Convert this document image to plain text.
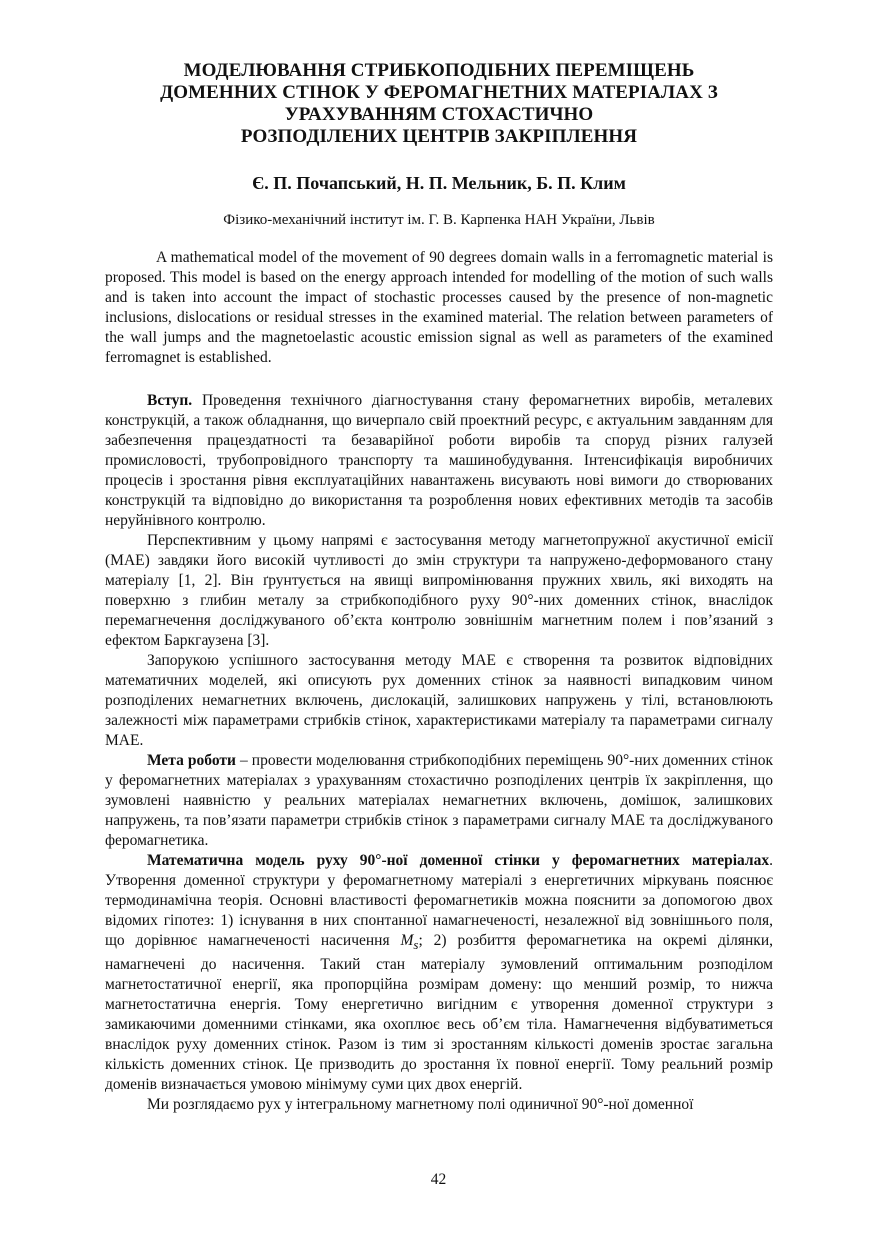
МОДЕЛЮВАННЯ СТРИБКОПОДІБНИХ ПЕРЕМІЩЕНЬ
ДОМЕННИХ СТІНОК У ФЕРОМАГНЕТНИХ МАТЕРІАЛАХ З
УРАХУВАННЯМ СТОХАСТИЧНО
РОЗПОДІЛЕНИХ ЦЕНТРІВ ЗАКРІПЛЕННЯ

Є. П. Почапський, Н. П. Мельник, Б. П. Клим

Фізико-механічний інститут ім. Г. В. Карпенка НАН України, Львів

A mathematical model of the movement of 90 degrees domain walls in a ferromagnetic material is proposed. This model is based on the energy approach intended for modelling of the motion of such walls and is taken into account the impact of stochastic processes caused by the presence of non-magnetic inclusions, dislocations or residual stresses in the examined material. The relation between parameters of the wall jumps and the magnetoelastic acoustic emission signal as well as parameters of the examined ferromagnet is established.

Вступ. Проведення технічного діагностування стану феромагнетних виробів, металевих конструкцій, а також обладнання, що вичерпало свій проектний ресурс, є актуальним завданням для забезпечення працездатності та безаварійної роботи виробів та споруд різних галузей промисловості, трубопровідного транспорту та машинобудування. Інтенсифікація виробничих процесів і зростання рівня експлуатаційних навантажень висувають нові вимоги до створюваних конструкцій та відповідно до використання та розроблення нових ефективних методів та засобів неруйнівного контролю.

Перспективним у цьому напрямі є застосування методу магнетопружної акустичної емісії (МАЕ) завдяки його високій чутливості до змін структури та напружено-деформованого стану матеріалу [1, 2]. Він ґрунтується на явищі випромінювання пружних хвиль, які виходять на поверхню з глибин металу за стрибкоподібного руху 90°-них доменних стінок, внаслідок перемагнечення досліджуваного об’єкта контролю зовнішнім магнетним полем і пов’язаний з ефектом Баркгаузена [3].

Запорукою успішного застосування методу МАЕ є створення та розвиток відповідних математичних моделей, які описують рух доменних стінок за наявності випадковим чином розподілених немагнетних включень, дислокацій, залишкових напружень у тілі, встановлюють залежності між параметрами стрибків стінок, характеристиками матеріалу та параметрами сигналу МАЕ.

Мета роботи – провести моделювання стрибкоподібних переміщень 90°-них доменних стінок у феромагнетних матеріалах з урахуванням стохастично розподілених центрів їх закріплення, що зумовлені наявністю у реальних матеріалах немагнетних включень, домішок, залишкових напружень, та пов’язати параметри стрибків стінок з параметрами сигналу МАЕ та досліджуваного феромагнетика.

Математична модель руху 90°-ної доменної стінки у феромагнетних матеріалах. Утворення доменної структури у феромагнетному матеріалі з енергетичних міркувань пояснює термодинамічна теорія. Основні властивості феромагнетиків можна пояснити за допомогою двох відомих гіпотез: 1) існування в них спонтанної намагнеченості, незалежної від зовнішнього поля, що дорівнює намагнеченості насичення $M_s$; 2) розбиття феромагнетика на окремі ділянки, намагнечені до насичення. Такий стан матеріалу зумовлений оптимальним розподілом магнетостатичної енергії, яка пропорційна розмірам домену: що менший розмір, то нижча магнетостатична енергія. Тому енергетично вигідним є утворення доменної структури з замикаючими доменними стінками, яка охоплює весь об’єм тіла. Намагнечення відбуватиметься внаслідок руху доменних стінок. Разом із тим зі зростанням кількості доменів зростає загальна кількість доменних стінок. Це призводить до зростання їх повної енергії. Тому реальний розмір доменів визначається умовою мінімуму суми цих двох енергій.

Ми розглядаємо рух у інтегральному магнетному полі одиничної 90°-ної доменної

42
